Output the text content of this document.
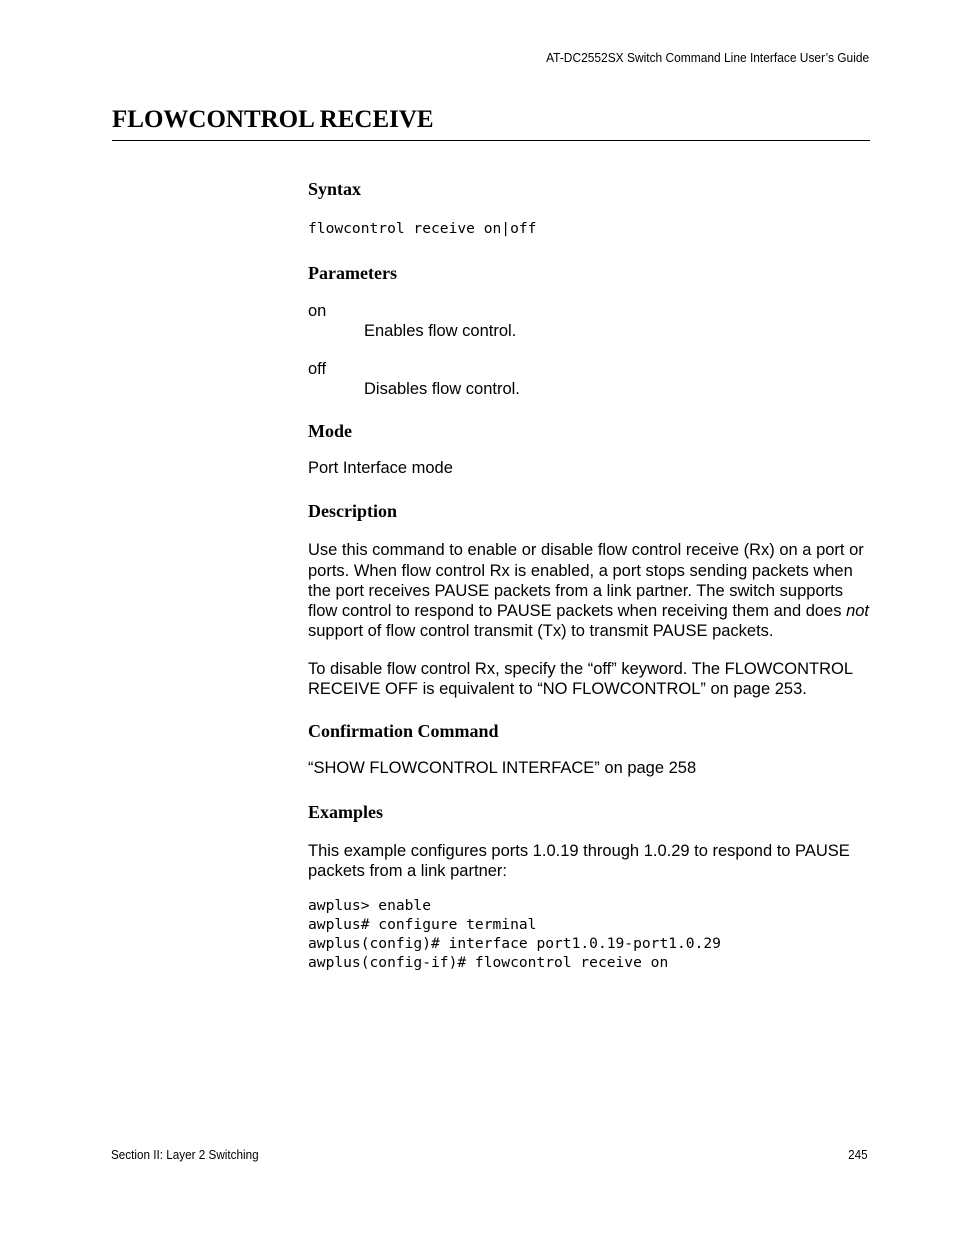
AT-DC2552SX Switch Command Line Interface User’s Guide
FLOWCONTROL RECEIVE
Syntax
flowcontrol receive on|off
Parameters
on
Enables flow control.
off
Disables flow control.
Mode

Port Interface mode

Description

Use this command to enable or disable flow control receive (Rx) on a port or ports. When flow control Rx is enabled, a port stops sending packets when the port receives PAUSE packets from a link partner. The switch supports flow control to respond to PAUSE packets when receiving them and does not support of flow control transmit (Tx) to transmit PAUSE packets.

To disable flow control Rx, specify the “off” keyword. The FLOWCONTROL RECEIVE OFF is equivalent to “NO FLOWCONTROL” on page 253.

Confirmation Command

“SHOW FLOWCONTROL INTERFACE” on page 258

Examples

This example configures ports 1.0.19 through 1.0.29 to respond to PAUSE packets from a link partner:

awplus> enable
awplus# configure terminal
awplus(config)# interface port1.0.19-port1.0.29
awplus(config-if)# flowcontrol receive on
Section II: Layer 2 Switching	245
